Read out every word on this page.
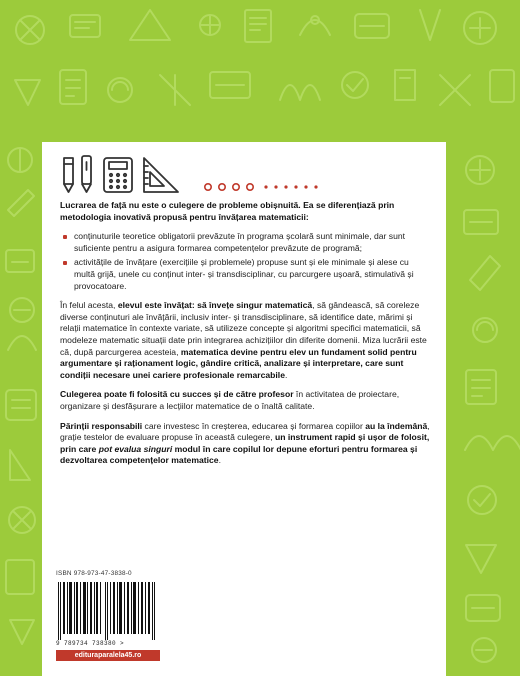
Lucrarea de față nu este o culegere de probleme obișnuită. Ea se diferențiază prin metodologia inovativă propusă pentru învățarea matematicii:

conținuturile teoretice obligatorii prevăzute în programa școlară sunt minimale, dar sunt suficiente pentru a asigura formarea competențelor prevăzute de programă;
activitățile de învățare (exercițiile și problemele) propuse sunt și ele minimale și alese cu multă grijă, unele cu conținut inter- și transdisciplinar, cu parcurgere ușoară, stimulativă și provocatoare.

În felul acesta, elevul este învățat: să învețe singur matematică, să gândească, să coreleze diverse conținuturi ale învățării, inclusiv inter- și transdisciplinare, să identifice date, mărimi și relații matematice în contexte variate, să utilizeze concepte și algoritmi specifici matematicii, să modeleze matematic situații date prin integrarea achizițiilor din diferite domenii. Miza lucrării este că, după parcurgerea acesteia, matematica devine pentru elev un fundament solid pentru argumentare și raționament logic, gândire critică, analizare și interpretare, care sunt condiții necesare unei cariere profesionale remarcabile.

Culegerea poate fi folosită cu succes și de către profesor în activitatea de proiectare, organizare și desfășurare a lecțiilor matematice de o înaltă calitate.

Părinții responsabili care investesc în creșterea, educarea și formarea copiilor au la îndemână, grație testelor de evaluare propuse în această culegere, un instrument rapid și ușor de folosit, prin care pot evalua singuri modul în care copilul lor depune eforturi pentru formarea și dezvoltarea competențelor matematice.

ISBN 978-973-47-3838-0
9 789734 738380 >
edituraparalela45.ro
